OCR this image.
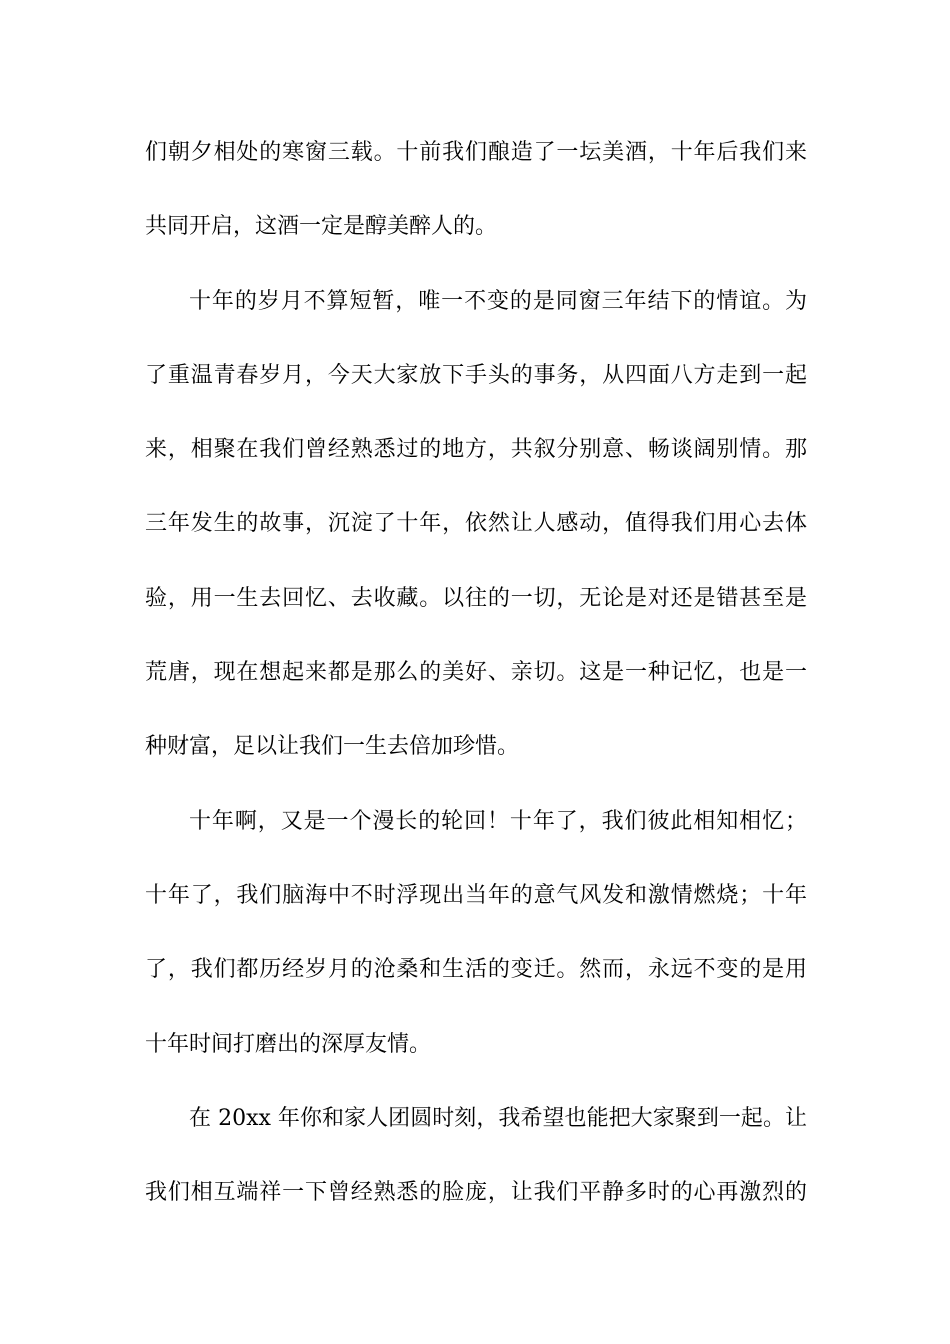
们朝夕相处的寒窗三载。十前我们酿造了一坛美酒，十年后我们来
共同开启，这酒一定是醇美醉人的。
十年的岁月不算短暂，唯一不变的是同窗三年结下的情谊。为
了重温青春岁月，今天大家放下手头的事务，从四面八方走到一起
来，相聚在我们曾经熟悉过的地方，共叙分别意、畅谈阔别情。那
三年发生的故事，沉淀了十年，依然让人感动，值得我们用心去体
验，用一生去回忆、去收藏。以往的一切，无论是对还是错甚至是
荒唐，现在想起来都是那么的美好、亲切。这是一种记忆，也是一
种财富，足以让我们一生去倍加珍惜。
十年啊，又是一个漫长的轮回！十年了，我们彼此相知相忆；
十年了，我们脑海中不时浮现出当年的意气风发和激情燃烧；十年
了，我们都历经岁月的沧桑和生活的变迁。然而，永远不变的是用
十年时间打磨出的深厚友情。
在 20xx 年你和家人团圆时刻，我希望也能把大家聚到一起。让
我们相互端祥一下曾经熟悉的脸庞，让我们平静多时的心再激烈的
